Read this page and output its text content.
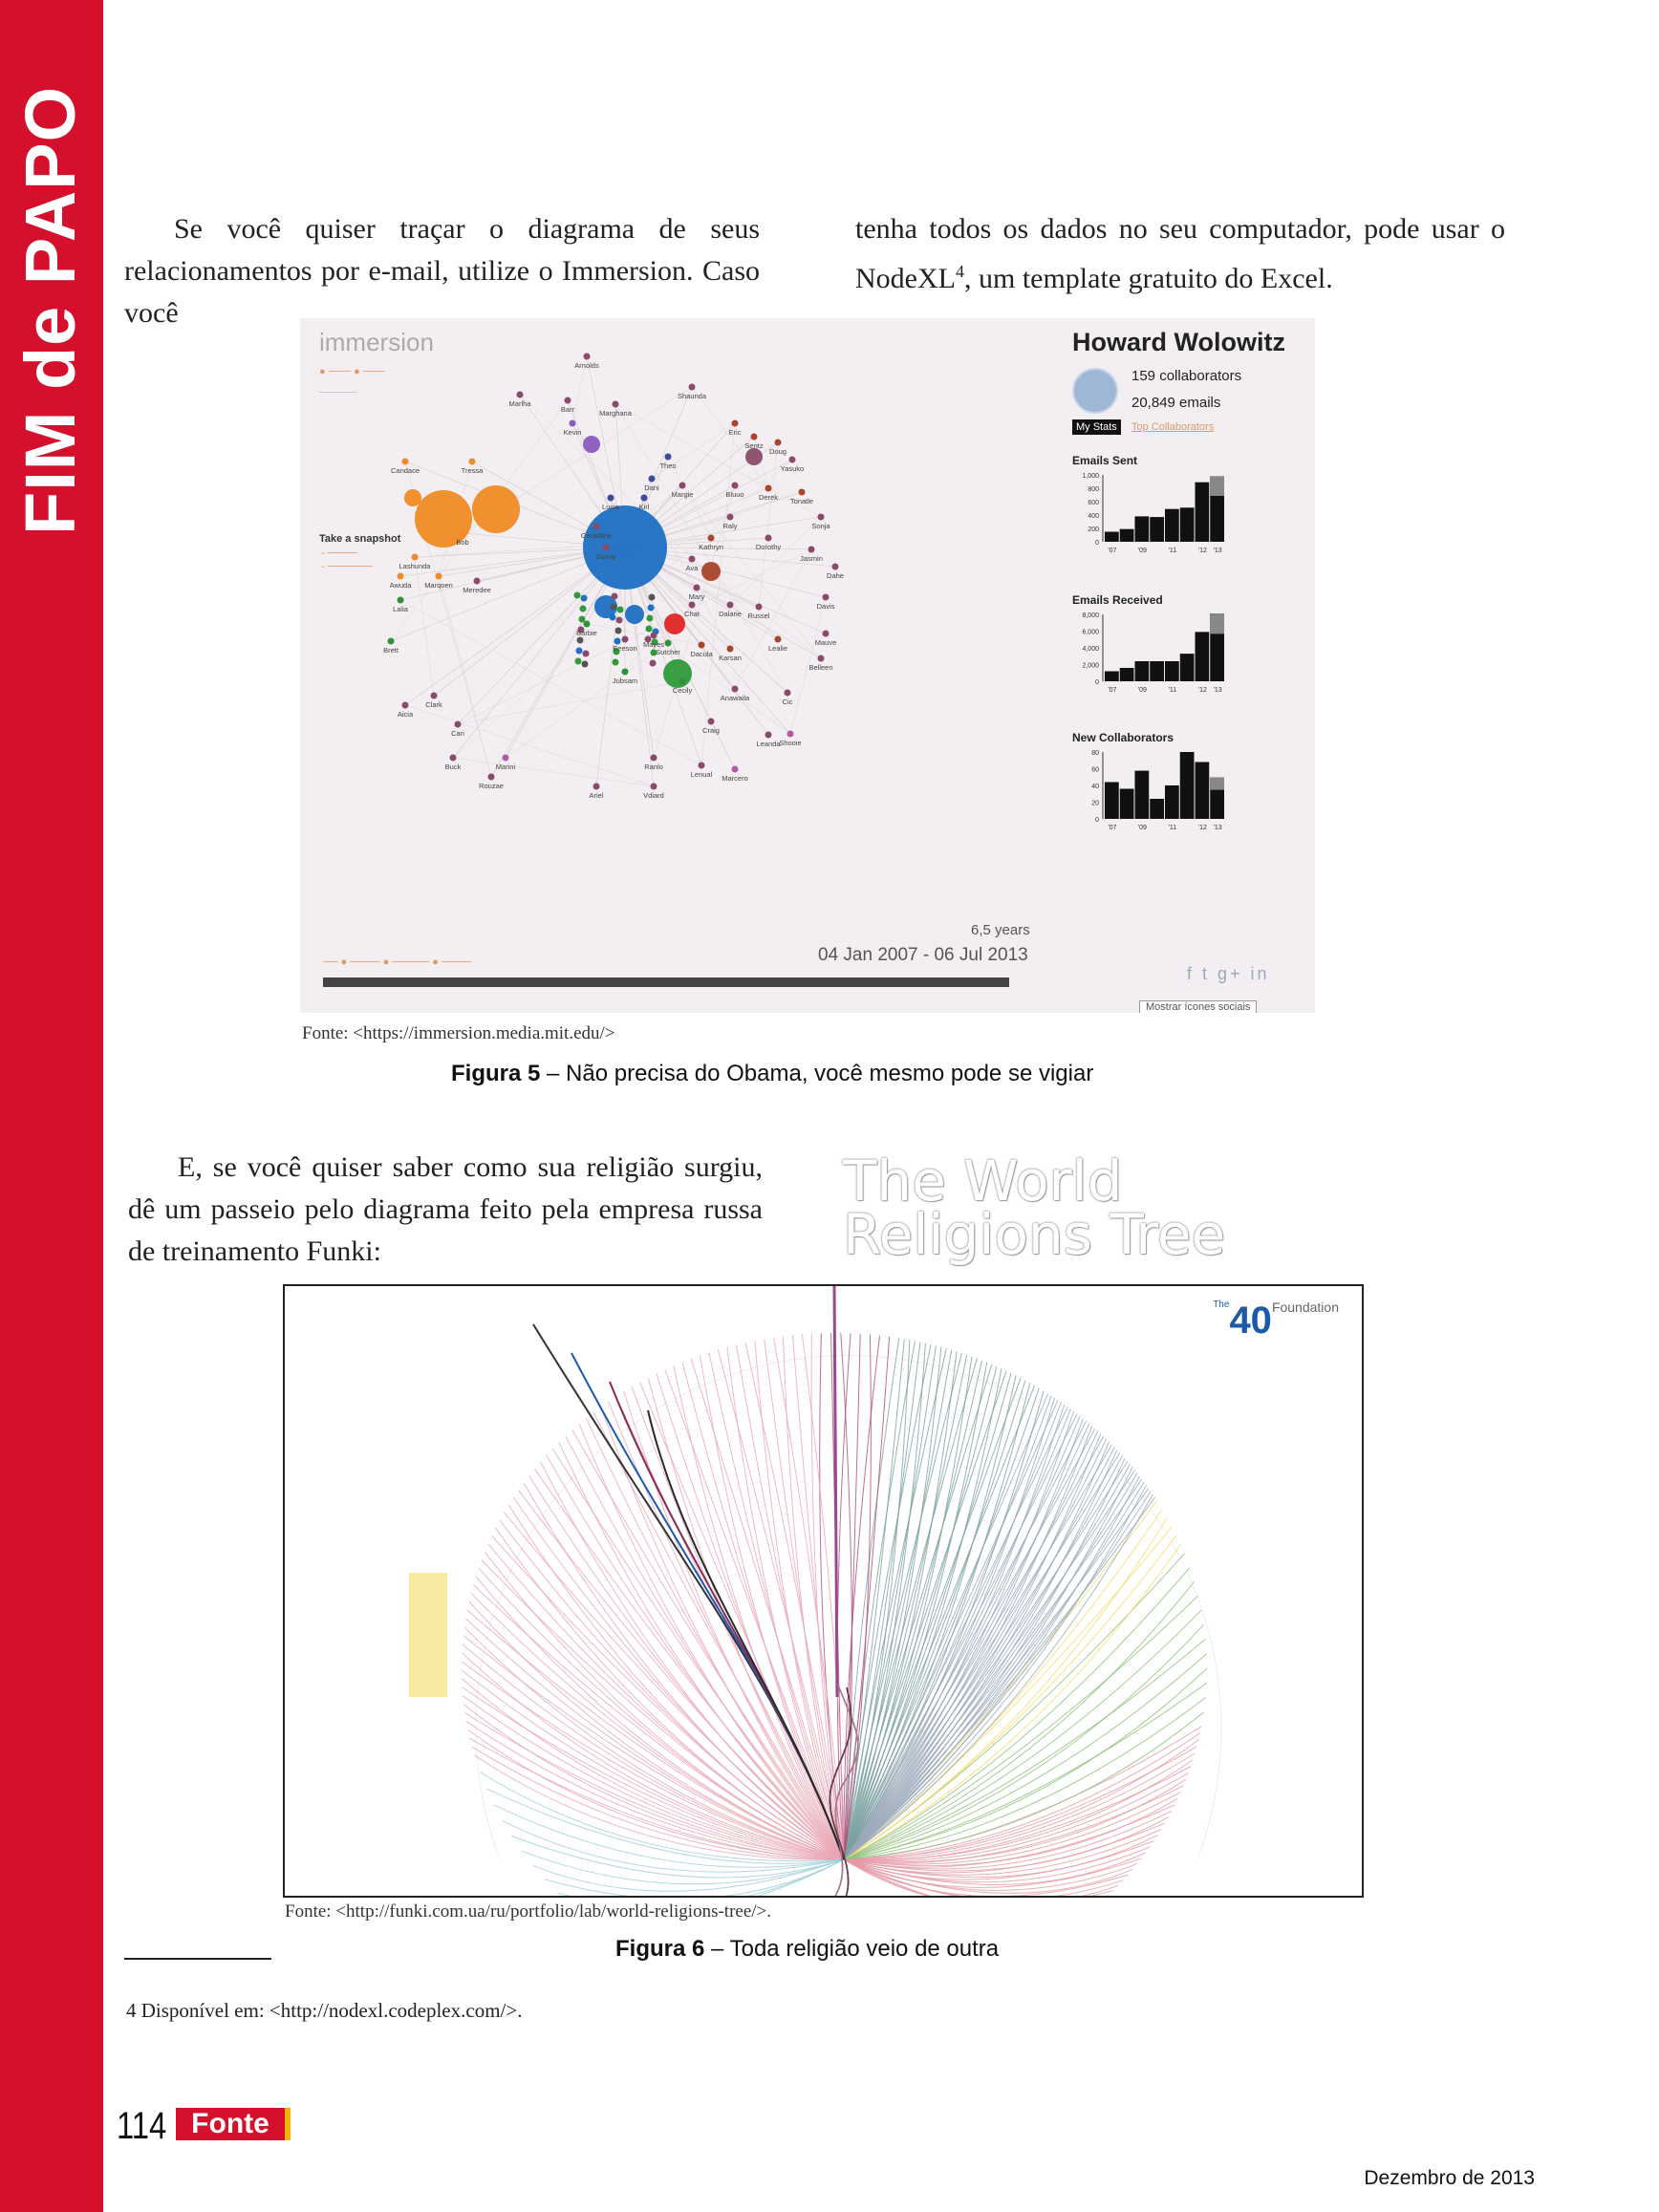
FIM de PAPO	Se você quiser traçar o diagrama de seus relacionamentos por e-mail, utilize o Immersion. Caso você

tenha todos os dados no seu computador, pode usar o NodeXL$^4$, um template gratuito do Excel.

immersion
● ─── ● ───
─────
Take a snapshot
- ────
- ──────
Arnolds
Shaunda
Marlha
Barr	Marghana
Kevin	Eric
Sentz
Doug
Yasuko
Candace	Tressa
Theo
Dani
Margie	Bluuo Derek Tonatle
Lucia	Kirl
Raly	Sonja
Geraldine
Kathryn	Dorothy
Jasmin
Bob
Sunny
Ava
Dahe
Lashunda
Awuda Marqoen
Meredee
Mary
Davis
Lalia
Chat	Dalarie Russel
Mauve
Mayes
Brett	Beeson
Barbie
Dacula Karsan
Lealie
Sutcher
Belleen
Jubsam
Cecily
Aicia
Clark
Anawaila	Cic
Cari	Craig
Buck
Leanda
Shooie
Marini	Ranlo
Lenual Marcero
Rouzae
Ariel	Vdiard
Howard Wolowitz
159 collaborators
20,849 emails
My Stats	Top Collaborators
Emails Sent
1,000
800
600
400
200
0
'07	'09	'11	'12 '13
Emails Received
8,000
6,000
4,000
2,000
0
'07	'09	'11	'12 '13
New Collaborators
80
60
40
20
0
'07	'09	'11	'12 '13
6,5 years
04 Jan 2007 - 06 Jul 2013
── ● ──── ● ───── ● ────
f t g+ in
Mostrar ícones sociais
Fonte: <https://immersion.media.mit.edu/>
Figura 5 – Não precisa do Obama, você mesmo pode se vigiar

E, se você quiser saber como sua religião surgiu, dê um passeio pelo diagrama feito pela empresa russa de treinamento Funki:

The World
Religions Tree
$^{The}$40Foundation
Fonte: <http://funki.com.ua/ru/portfolio/lab/world-religions-tree/>.
Figura 6 – Toda religião veio de outra
4 Disponível em: <http://nodexl.codeplex.com/>.
114 Fonte
Dezembro de 2013
